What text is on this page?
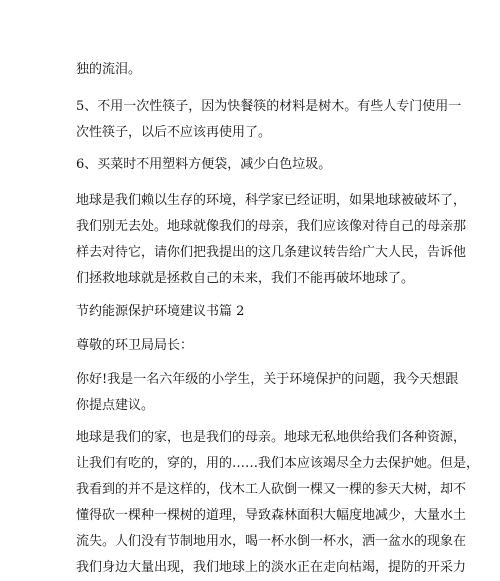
独的流泪。

5、不用一次性筷子，因为快餐筷的材料是树木。有些人专门使用一
次性筷子，以后不应该再使用了。

6、买菜时不用塑料方便袋，减少白色垃圾。

地球是我们赖以生存的环境，科学家已经证明，如果地球被破坏了，
我们别无去处。地球就像我们的母亲，我们应该像对待自己的母亲那
样去对待它，请你们把我提出的这几条建议转告给广大人民，告诉他
们拯救地球就是拯救自己的未来，我们不能再破坏地球了。

节约能源保护环境建议书篇 2

尊敬的环卫局局长：

你好!我是一名六年级的小学生，关于环境保护的问题，我今天想跟
你提点建议。

地球是我们的家，也是我们的母亲。地球无私地供给我们各种资源，
让我们有吃的，穿的，用的……我们本应该竭尽全力去保护她。但是，
我看到的并不是这样的，伐木工人砍倒一棵又一棵的参天大树，却不
懂得砍一棵种一棵树的道理，导致森林面积大幅度地减少，大量水土
流失。人们没有节制地用水，喝一杯水倒一杯水，洒一盆水的现象在
我们身边大量出现，我们地球上的淡水正在走向枯竭，提防的开采力
